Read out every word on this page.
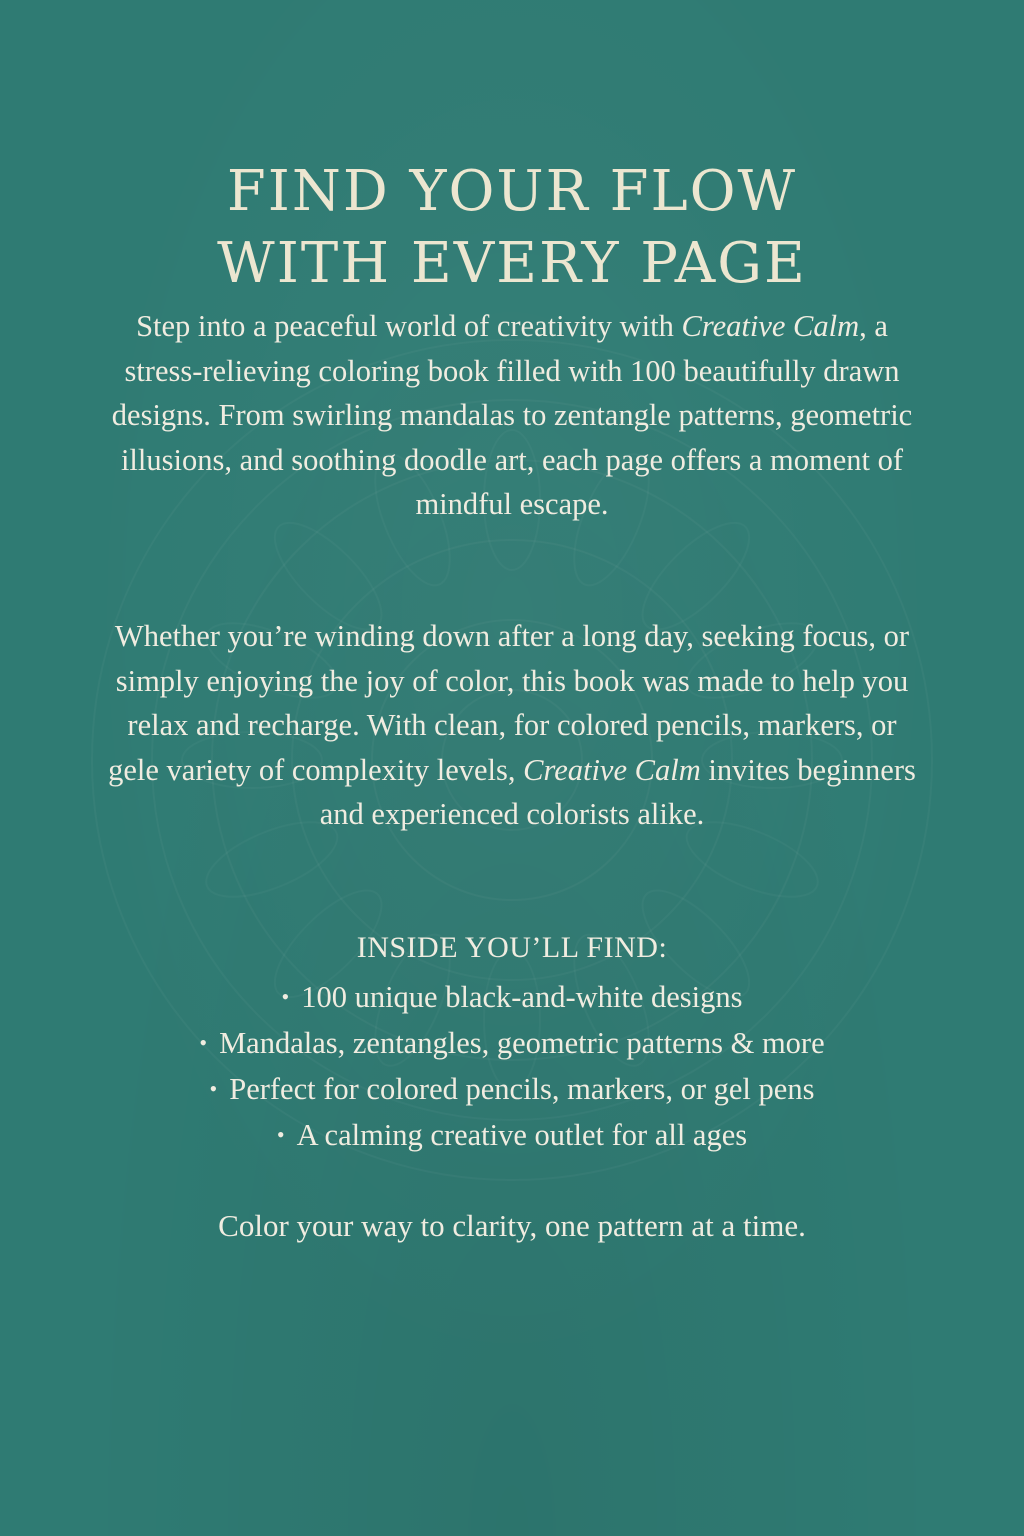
FIND YOUR FLOW
WITH EVERY PAGE

Step into a peaceful world of creativity with Creative Calm, a stress-relieving coloring book filled with 100 beautifully drawn designs. From swirling mandalas to zentangle patterns, geometric illusions, and soothing doodle art, each page offers a moment of mindful escape.

Whether you’re winding down after a long day, seeking focus, or simply enjoying the joy of color, this book was made to help you relax and recharge. With clean, for colored pencils, markers, or gele variety of complexity levels, Creative Calm invites beginners and experienced colorists alike.

INSIDE YOU’LL FIND:
• 100 unique black-and-white designs
• Mandalas, zentangles, geometric patterns & more
• Perfect for colored pencils, markers, or gel pens
• A calming creative outlet for all ages
Color your way to clarity, one pattern at a time.
